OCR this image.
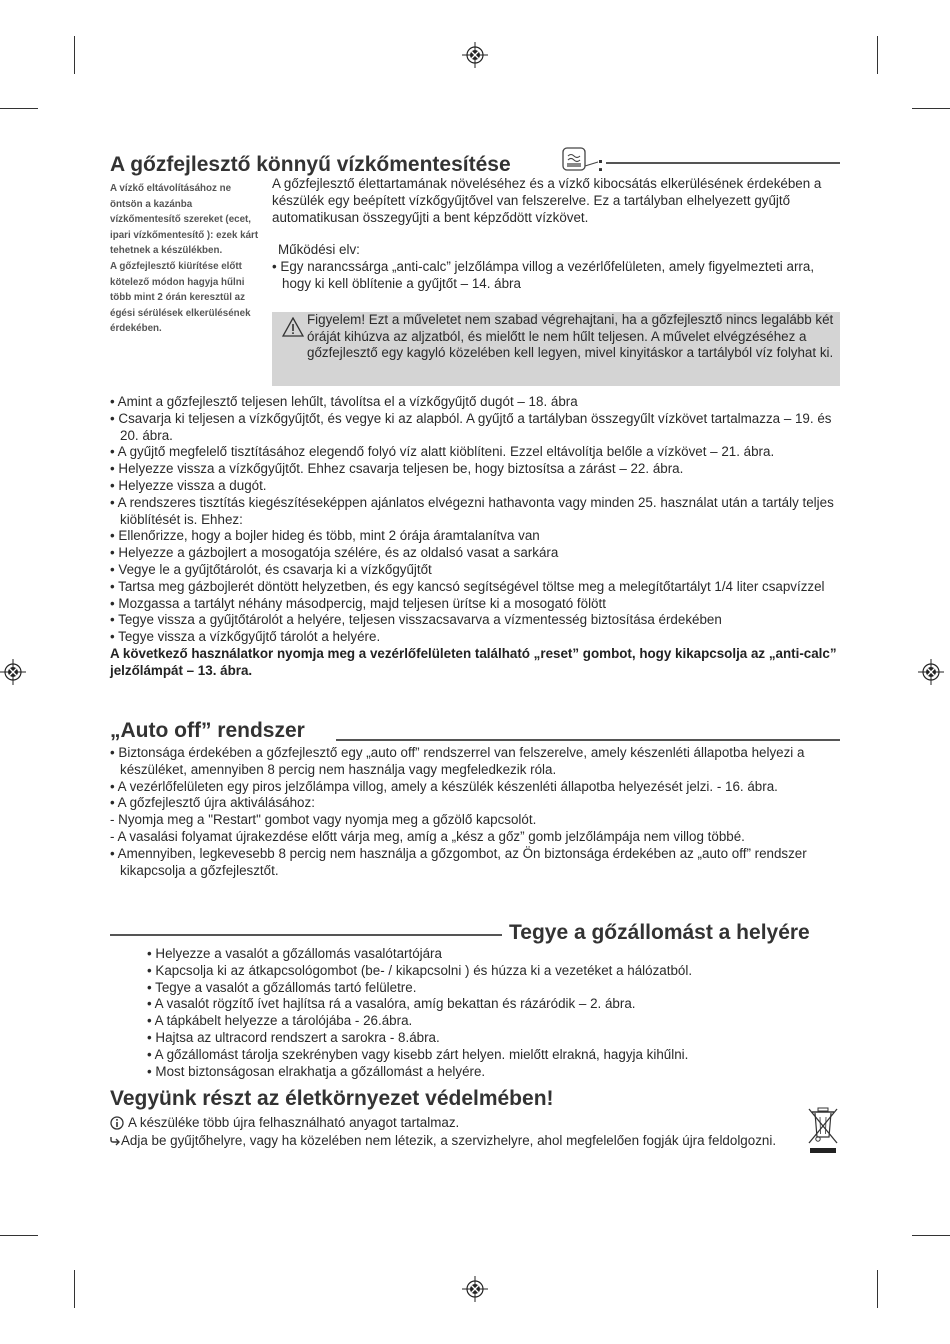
A gőzfejlesztő könnyű vízkőmentesítése	:

A vízkő eltávolításához ne öntsön a kazánba vízkőmentesítő szereket (ecet, ipari vízkőmentesítő ): ezek kárt tehetnek a készülékben.

A gőzfejlesztő kiürítése előtt kötelező módon hagyja hűlni több mint 2 órán keresztül az égési sérülések elkerülésének érdekében.

A gőzfejlesztő élettartamának növeléséhez és a vízkő kibocsátás elkerülésének érdekében a készülék egy beépített vízkőgyűjtővel van felszerelve. Ez a tartályban elhelyezett gyűjtő automatikusan összegyűjti a bent képződött vízkövet.

Működési elv:

• Egy narancssárga „anti-calc” jelzőlámpa villog a vezérlőfelületen, amely figyelmezteti arra, hogy ki kell öblítenie a gyűjtőt – 14. ábra

Figyelem! Ezt a műveletet nem szabad végrehajtani, ha a gőzfejlesztő nincs legalább két óráját kihúzva az aljzatból, és mielőtt le nem hűlt teljesen. A művelet elvégzéséhez a gőzfejlesztő egy kagyló közelében kell legyen, mivel kinyitáskor a tartályból víz folyhat ki.
• Amint a gőzfejlesztő teljesen lehűlt, távolítsa el a vízkőgyűjtő dugót – 18. ábra
• Csavarja ki teljesen a vízkőgyűjtőt, és vegye ki az alapból. A gyűjtő a tartályban összegyűlt vízkövet tartalmazza – 19. és 20. ábra.
• A gyűjtő megfelelő tisztításához elegendő folyó víz alatt kiöblíteni. Ezzel eltávolítja belőle a vízkövet – 21. ábra.
• Helyezze vissza a vízkőgyűjtőt. Ehhez csavarja teljesen be, hogy biztosítsa a zárást – 22. ábra.
• Helyezze vissza a dugót.
• A rendszeres tisztítás kiegészítéseképpen ajánlatos elvégezni hathavonta vagy minden 25. használat után a tartály teljes kiöblítését is. Ehhez:
• Ellenőrizze, hogy a bojler hideg és több, mint 2 órája áramtalanítva van
• Helyezze a gázbojlert a mosogatója szélére, és az oldalsó vasat a sarkára
• Vegye le a gyűjtőtárolót, és csavarja ki a vízkőgyűjtőt
• Tartsa meg gázbojlerét döntött helyzetben, és egy kancsó segítségével töltse meg a melegítőtartályt 1/4 liter csapvízzel
• Mozgassa a tartályt néhány másodpercig, majd teljesen ürítse ki a mosogató fölött
• Tegye vissza a gyűjtőtárolót a helyére, teljesen visszacsavarva a vízmentesség biztosítása érdekében
• Tegye vissza a vízkőgyűjtő tárolót a helyére.

A következő használatkor nyomja meg a vezérlőfelületen található „reset” gombot, hogy kikapcsolja az „anti-calc” jelzőlámpát – 13. ábra.

„Auto off” rendszer
• Biztonsága érdekében a gőzfejlesztő egy „auto off” rendszerrel van felszerelve, amely készenléti állapotba helyezi a készüléket, amennyiben 8 percig nem használja vagy megfeledkezik róla.
• A vezérlőfelületen egy piros jelzőlámpa villog, amely a készülék készenléti állapotba helyezését jelzi. - 16. ábra.
• A gőzfejlesztő újra aktiválásához:
- Nyomja meg a "Restart" gombot vagy nyomja meg a gőzölő kapcsolót.
- A vasalási folyamat újrakezdése előtt várja meg, amíg a „kész a gőz” gomb jelzőlámpája nem villog többé.
• Amennyiben, legkevesebb 8 percig nem használja a gőzgombot, az Ön biztonsága érdekében az „auto off” rendszer kikapcsolja a gőzfejlesztőt.
Tegye a gőzállomást a helyére
• Helyezze a vasalót a gőzállomás vasalótartójára
• Kapcsolja ki az átkapcsológombot (be- / kikapcsolni ) és húzza ki a vezetéket a hálózatból.
• Tegye a vasalót a gőzállomás tartó felületre.
• A vasalót rögzítő ívet hajlítsa rá a vasalóra, amíg bekattan és rázáródik – 2. ábra.
• A tápkábelt helyezze a tárolójába - 26.ábra.
• Hajtsa az ultracord rendszert a sarokra - 8.ábra.
• A gőzállomást tárolja szekrényben vagy kisebb zárt helyen. mielőtt elrakná, hagyja kihűlni.
• Most biztonságosan elrakhatja a gőzállomást a helyére.
Vegyünk részt az életkörnyezet védelmében!

A készüléke több újra felhasználható anyagot tartalmaz.

Adja be gyűjtőhelyre, vagy ha közelében nem létezik, a szervizhelyre, ahol megfelelően fogják újra feldolgozni.
